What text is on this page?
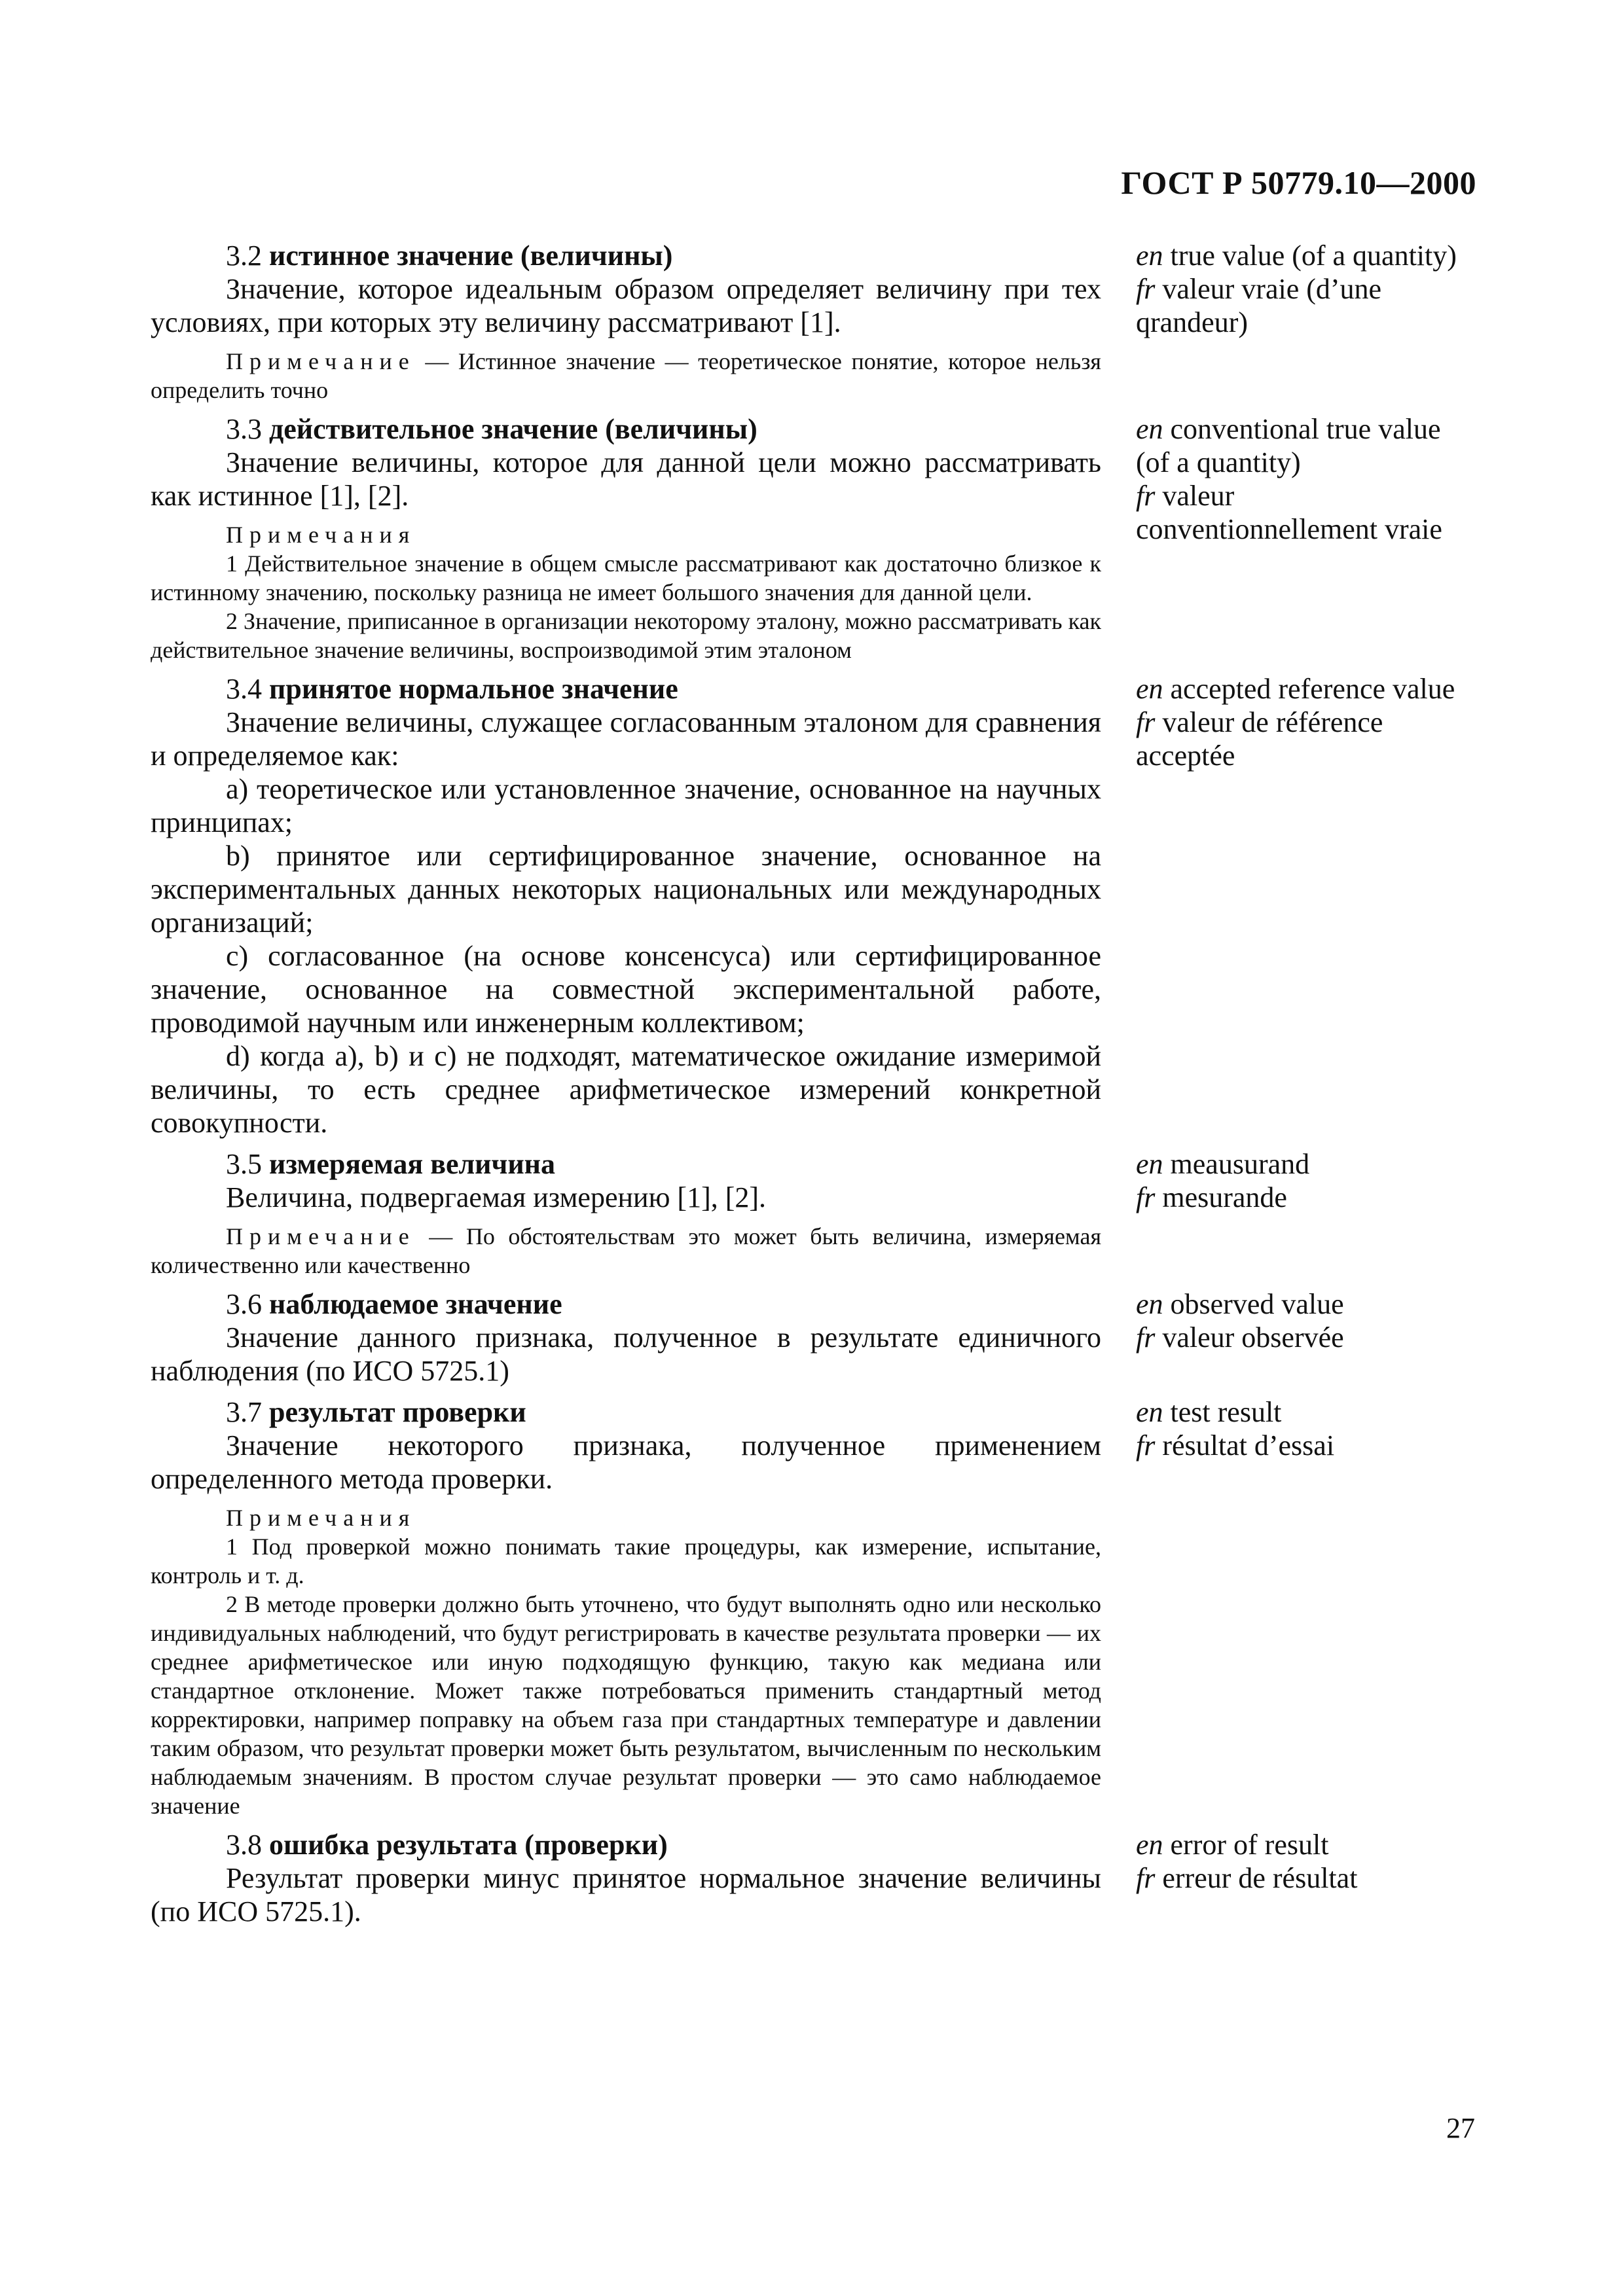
ГОСТ Р 50779.10—2000

3.2 истинное значение (величины)

Значение, которое идеальным образом определяет величину при тех условиях, при которых эту величину рассматривают [1].

Примечание — Истинное значение — теоретическое понятие, которое нельзя определить точно

en true value (of a quantity)

fr valeur vraie (d’une qrandeur)

3.3 действительное значение (величины)

Значение величины, которое для данной цели можно рассматривать как истинное [1], [2].

Примечания

1 Действительное значение в общем смысле рассматривают как достаточно близкое к истинному значению, поскольку разница не имеет большого значения для данной цели.

2 Значение, приписанное в организации некоторому эталону, можно рассматривать как действительное значение величины, воспроизводимой этим эталоном

en conventional true value (of a quantity)

fr valeur conventionnellement vraie

3.4 принятое нормальное значение

Значение величины, служащее согласованным эталоном для сравнения и определяемое как:

а) теоретическое или установленное значение, основанное на научных принципах;

b) принятое или сертифицированное значение, основанное на экспериментальных данных некоторых национальных или международных организаций;

с) согласованное (на основе консенсуса) или сертифицированное значение, основанное на совместной экспериментальной работе, проводимой научным или инженерным коллективом;

d) когда а), b) и с) не подходят, математическое ожидание измеримой величины, то есть среднее арифметическое измерений конкретной совокупности.

en accepted reference value

fr valeur de référence acceptée

3.5 измеряемая величина

Величина, подвергаемая измерению [1], [2].

Примечание — По обстоятельствам это может быть величина, измеряемая количественно или качественно

en meausurand

fr mesurande

3.6 наблюдаемое значение

Значение данного признака, полученное в результате единичного наблюдения (по ИСО 5725.1)

en observed value

fr valeur observée

3.7 результат проверки

Значение некоторого признака, полученное применением определенного метода проверки.

Примечания

1 Под проверкой можно понимать такие процедуры, как измерение, испытание, контроль и т. д.

2 В методе проверки должно быть уточнено, что будут выполнять одно или несколько индивидуальных наблюдений, что будут регистрировать в качестве результата проверки — их среднее арифметическое или иную подходящую функцию, такую как медиана или стандартное отклонение. Может также потребоваться применить стандартный метод корректировки, например поправку на объем газа при стандартных температуре и давлении таким образом, что результат проверки может быть результатом, вычисленным по нескольким наблюдаемым значениям. В простом случае результат проверки — это само наблюдаемое значение

en test result

fr résultat d’essai

3.8 ошибка результата (проверки)

Результат проверки минус принятое нормальное значение величины (по ИСО 5725.1).

en error of result

fr erreur de résultat

27
